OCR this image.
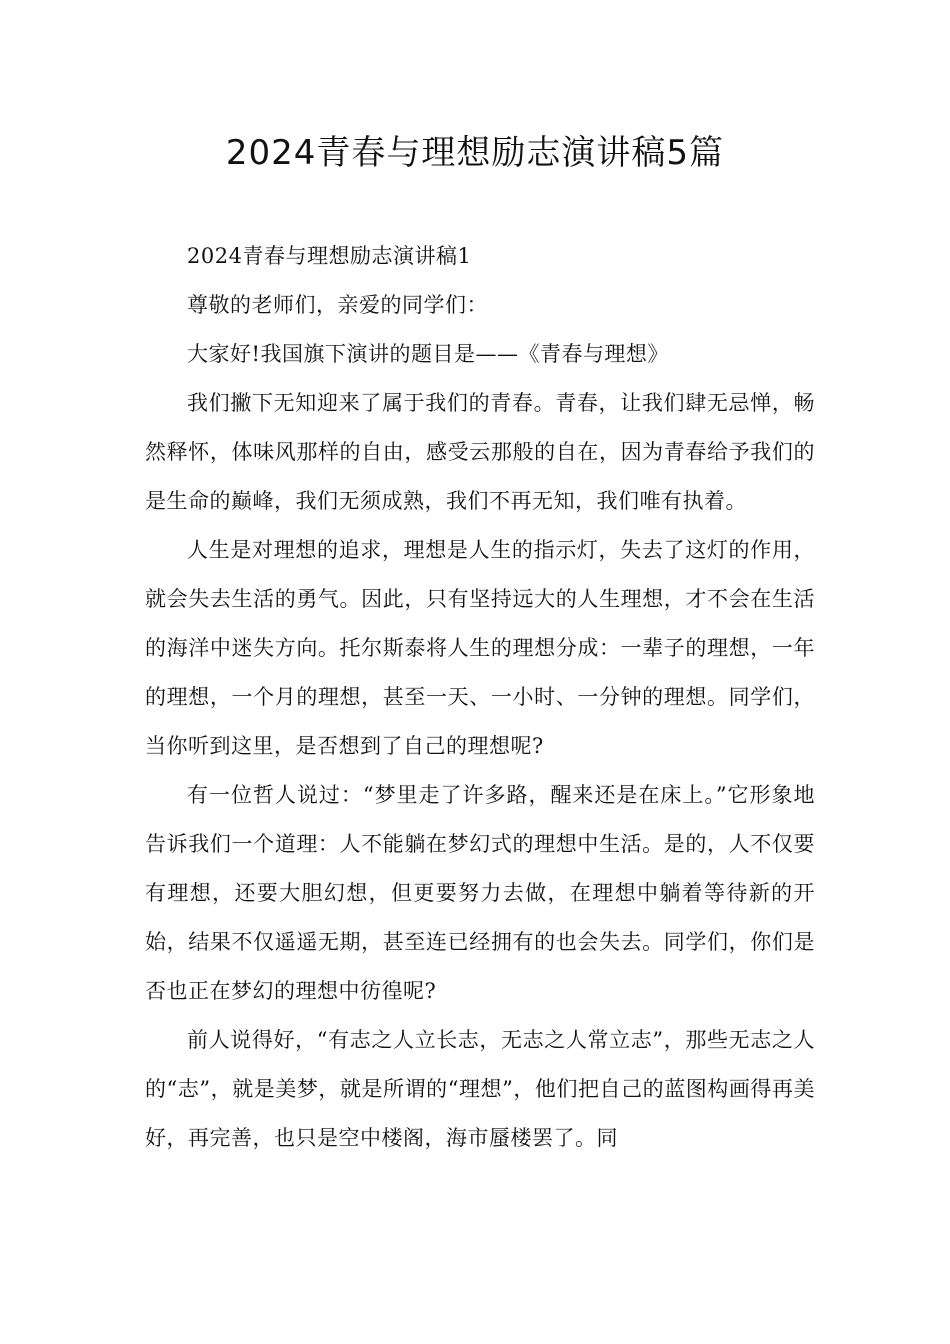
2024青春与理想励志演讲稿5篇

2024青春与理想励志演讲稿1

尊敬的老师们，亲爱的同学们：

大家好!我国旗下演讲的题目是——《青春与理想》

我们撇下无知迎来了属于我们的青春。青春，让我们肆无忌惮，畅然释怀，体味风那样的自由，感受云那般的自在，因为青春给予我们的是生命的巅峰，我们无须成熟，我们不再无知，我们唯有执着。

人生是对理想的追求，理想是人生的指示灯，失去了这灯的作用，就会失去生活的勇气。因此，只有坚持远大的人生理想，才不会在生活的海洋中迷失方向。托尔斯泰将人生的理想分成：一辈子的理想，一年的理想，一个月的理想，甚至一天、一小时、一分钟的理想。同学们，当你听到这里，是否想到了自己的理想呢?

有一位哲人说过：“梦里走了许多路，醒来还是在床上。”它形象地告诉我们一个道理：人不能躺在梦幻式的理想中生活。是的，人不仅要有理想，还要大胆幻想，但更要努力去做，在理想中躺着等待新的开始，结果不仅遥遥无期，甚至连已经拥有的也会失去。同学们，你们是否也正在梦幻的理想中彷徨呢?

前人说得好，“有志之人立长志，无志之人常立志”，那些无志之人的“志”，就是美梦，就是所谓的“理想”，他们把自己的蓝图构画得再美好，再完善，也只是空中楼阁，海市蜃楼罢了。同
